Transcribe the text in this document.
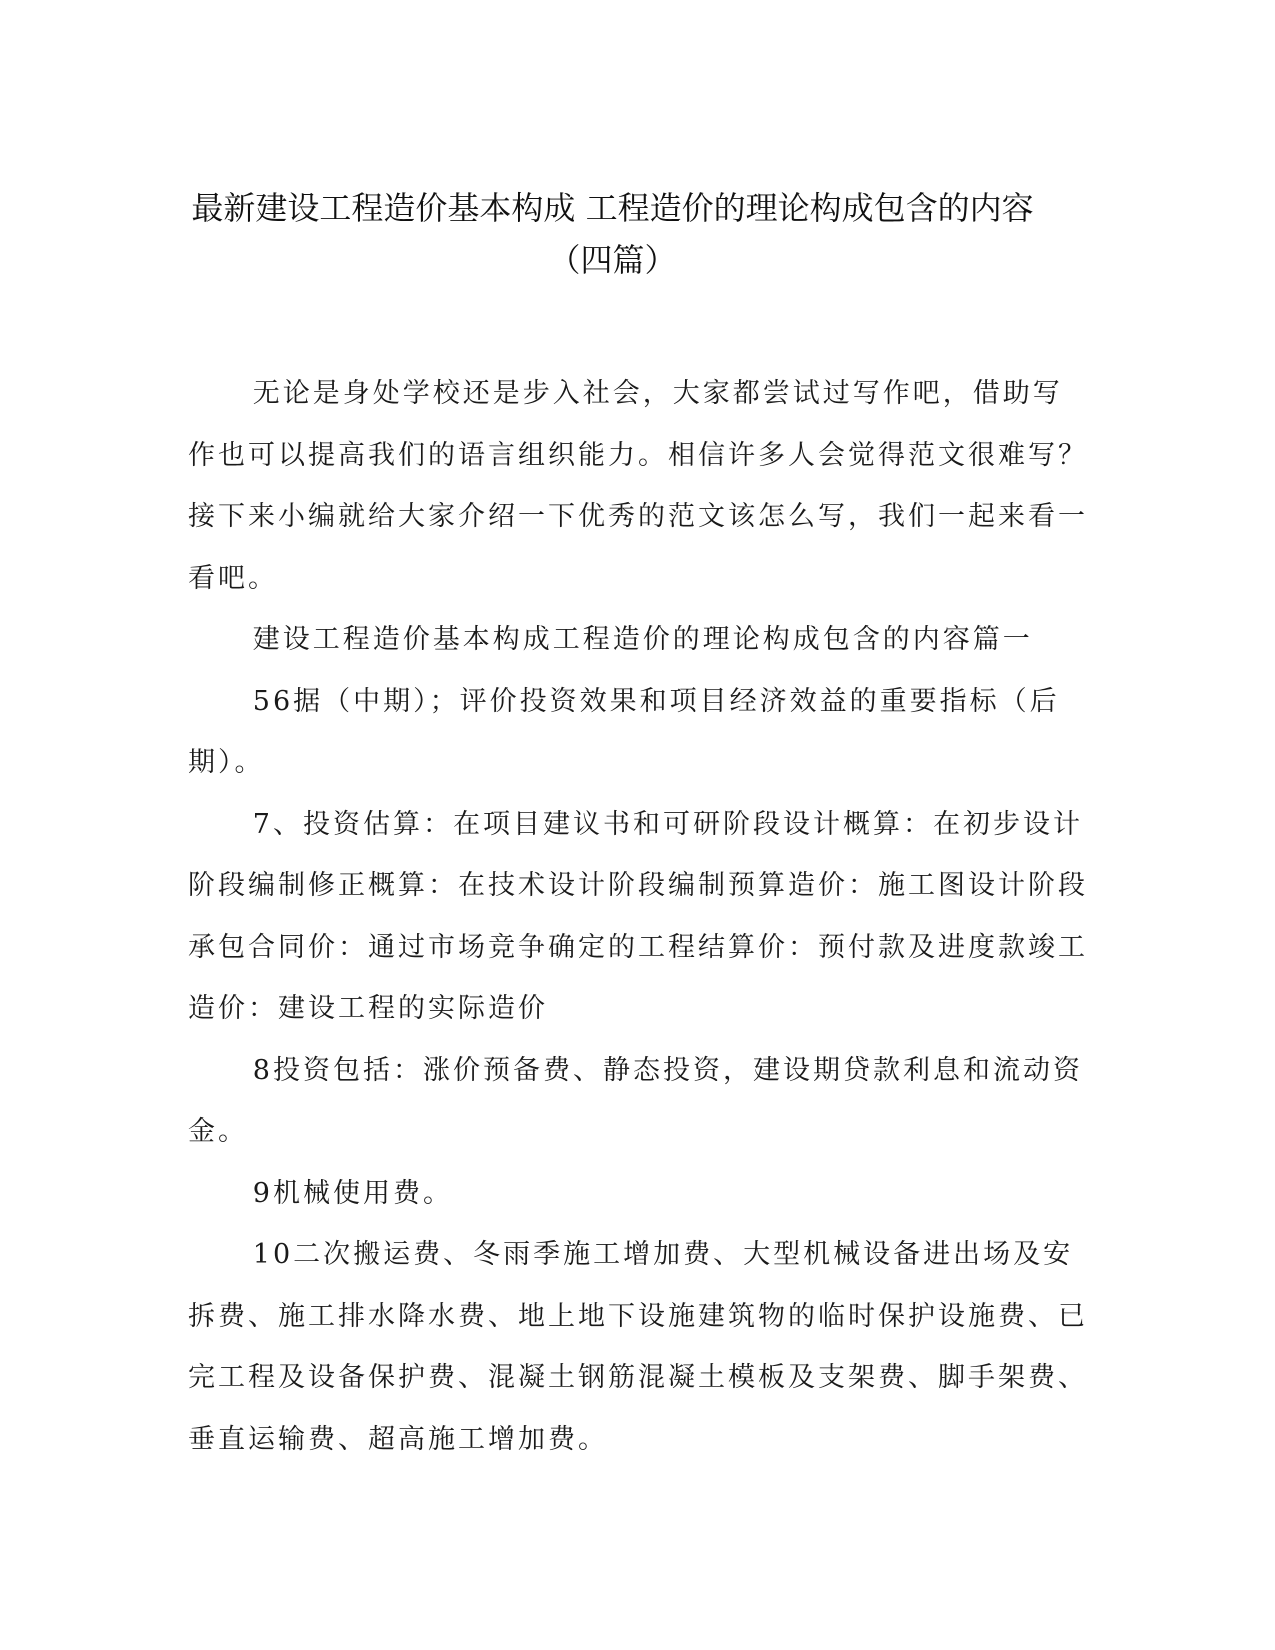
最新建设工程造价基本构成 工程造价的理论构成包含的内容（四篇）

无论是身处学校还是步入社会，大家都尝试过写作吧，借助写作也可以提高我们的语言组织能力。相信许多人会觉得范文很难写？接下来小编就给大家介绍一下优秀的范文该怎么写，我们一起来看一看吧。

建设工程造价基本构成工程造价的理论构成包含的内容篇一

56据（中期）；评价投资效果和项目经济效益的重要指标（后期）。

7、投资估算：在项目建议书和可研阶段设计概算：在初步设计阶段编制修正概算：在技术设计阶段编制预算造价：施工图设计阶段承包合同价：通过市场竞争确定的工程结算价：预付款及进度款竣工造价：建设工程的实际造价

8投资包括：涨价预备费、静态投资，建设期贷款利息和流动资金。

9机械使用费。

10二次搬运费、冬雨季施工增加费、大型机械设备进出场及安拆费、施工排水降水费、地上地下设施建筑物的临时保护设施费、已完工程及设备保护费、混凝土钢筋混凝土模板及支架费、脚手架费、垂直运输费、超高施工增加费。
